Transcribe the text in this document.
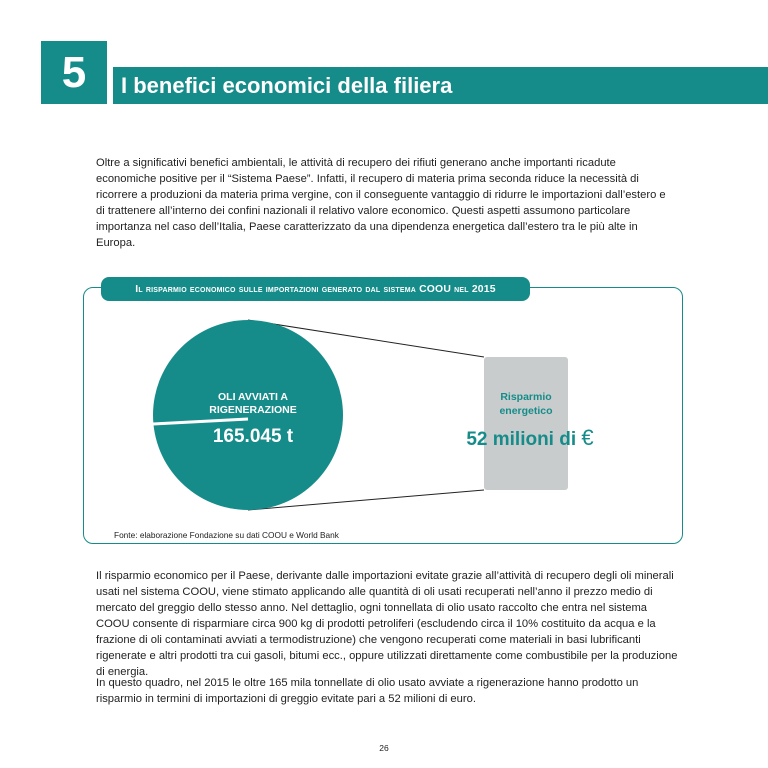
5	I benefici economici della filiera

Oltre a significativi benefici ambientali, le attività di recupero dei rifiuti generano anche importanti ricadute economiche positive per il “Sistema Paese”. Infatti, il recupero di materia prima seconda riduce la necessità di ricorrere a produzioni da materia prima vergine, con il conseguente vantaggio di ridurre le importazioni dall’estero e di trattenere all’interno dei confini nazionali il relativo valore economico. Questi aspetti assumono particolare importanza nel caso dell’Italia, Paese caratterizzato da una dipendenza energetica dall’estero tra le più alte in Europa.

Il risparmio economico sulle importazioni generato dal sistema COOU nel 2015
OLI AVVIATI A RIGENERAZIONE
165.045 t
Risparmio energetico
52 milioni di €
Fonte: elaborazione Fondazione su dati COOU e World Bank

Il risparmio economico per il Paese, derivante dalle importazioni evitate grazie all’attività di recupero degli oli minerali usati nel sistema COOU, viene stimato applicando alle quantità di oli usati recuperati nell’anno il prezzo medio di mercato del greggio dello stesso anno. Nel dettaglio, ogni tonnellata di olio usato raccolto che entra nel sistema COOU consente di risparmiare circa 900 kg di prodotti petroliferi (escludendo circa il 10% costituito da acqua e la frazione di oli contaminati avviati a termodistruzione) che vengono recuperati come materiali in basi lubrificanti rigenerate e altri prodotti tra cui gasoli, bitumi ecc., oppure utilizzati direttamente come combustibile per la produzione di energia.

In questo quadro, nel 2015 le oltre 165 mila tonnellate di olio usato avviate a rigenerazione hanno prodotto un risparmio in termini di importazioni di greggio evitate pari a 52 milioni di euro.

26
